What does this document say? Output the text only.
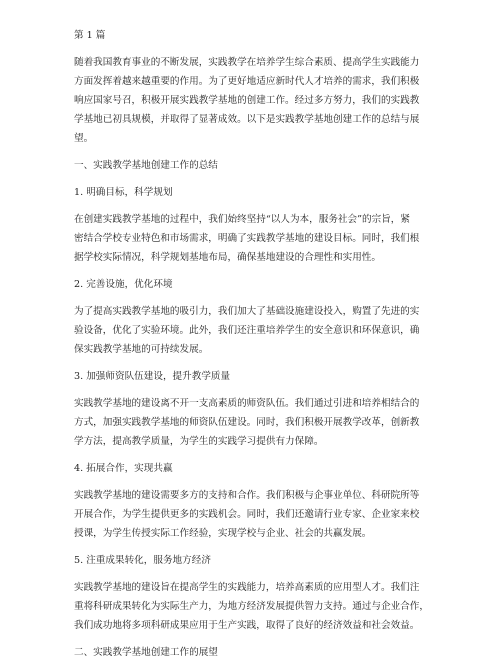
第 1 篇
随着我国教育事业的不断发展，实践教学在培养学生综合素质、提高学生实践能力
方面发挥着越来越重要的作用。为了更好地适应新时代人才培养的需求，我们积极
响应国家号召，积极开展实践教学基地的创建工作。经过多方努力，我们的实践教
学基地已初具规模，并取得了显著成效。以下是实践教学基地创建工作的总结与展
望。
一、实践教学基地创建工作的总结
1. 明确目标，科学规划
在创建实践教学基地的过程中，我们始终坚持“以人为本，服务社会”的宗旨，紧
密结合学校专业特色和市场需求，明确了实践教学基地的建设目标。同时，我们根
据学校实际情况，科学规划基地布局，确保基地建设的合理性和实用性。
2. 完善设施，优化环境
为了提高实践教学基地的吸引力，我们加大了基础设施建设投入，购置了先进的实
验设备，优化了实验环境。此外，我们还注重培养学生的安全意识和环保意识，确
保实践教学基地的可持续发展。
3. 加强师资队伍建设，提升教学质量
实践教学基地的建设离不开一支高素质的师资队伍。我们通过引进和培养相结合的
方式，加强实践教学基地的师资队伍建设。同时，我们积极开展教学改革，创新教
学方法，提高教学质量，为学生的实践学习提供有力保障。
4. 拓展合作，实现共赢
实践教学基地的建设需要多方的支持和合作。我们积极与企事业单位、科研院所等
开展合作，为学生提供更多的实践机会。同时，我们还邀请行业专家、企业家来校
授课，为学生传授实际工作经验，实现学校与企业、社会的共赢发展。
5. 注重成果转化，服务地方经济
实践教学基地的建设旨在提高学生的实践能力，培养高素质的应用型人才。我们注
重将科研成果转化为实际生产力，为地方经济发展提供智力支持。通过与企业合作，
我们成功地将多项科研成果应用于生产实践，取得了良好的经济效益和社会效益。
二、实践教学基地创建工作的展望
